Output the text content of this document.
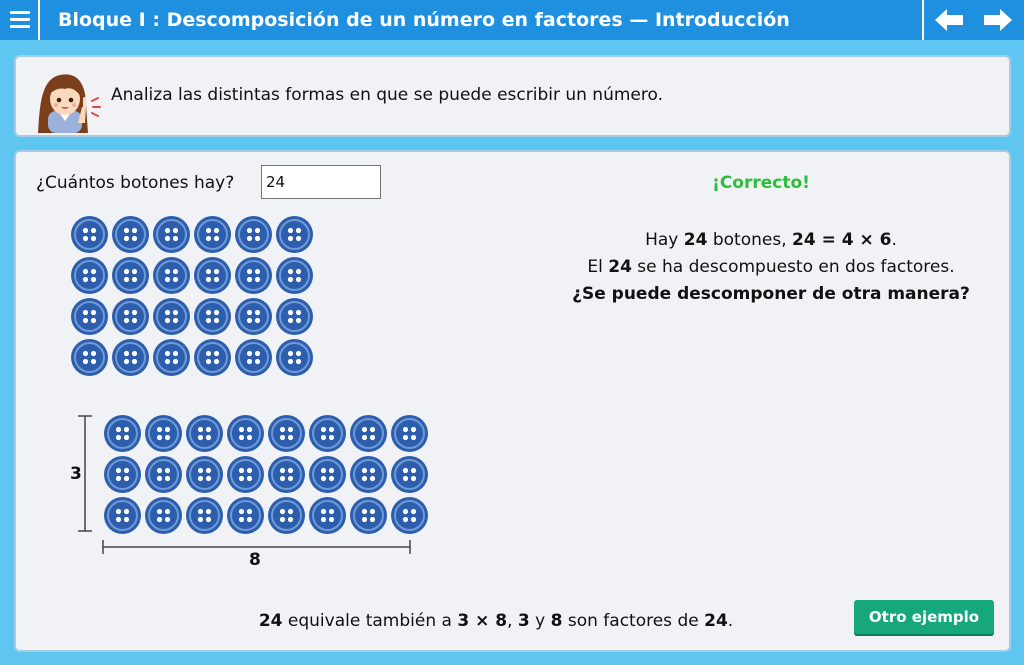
Bloque I : Descomposición de un número en factores — Introducción
Analiza las distintas formas en que se puede escribir un número.
¿Cuántos botones hay?
24	¡Correcto!
Hay 24 botones, 24 = 4 × 6.
El 24 se ha descompuesto en dos factores.
¿Se puede descomponer de otra manera?
3
8
24 equivale también a 3 × 8, 3 y 8 son factores de 24.	Otro ejemplo
